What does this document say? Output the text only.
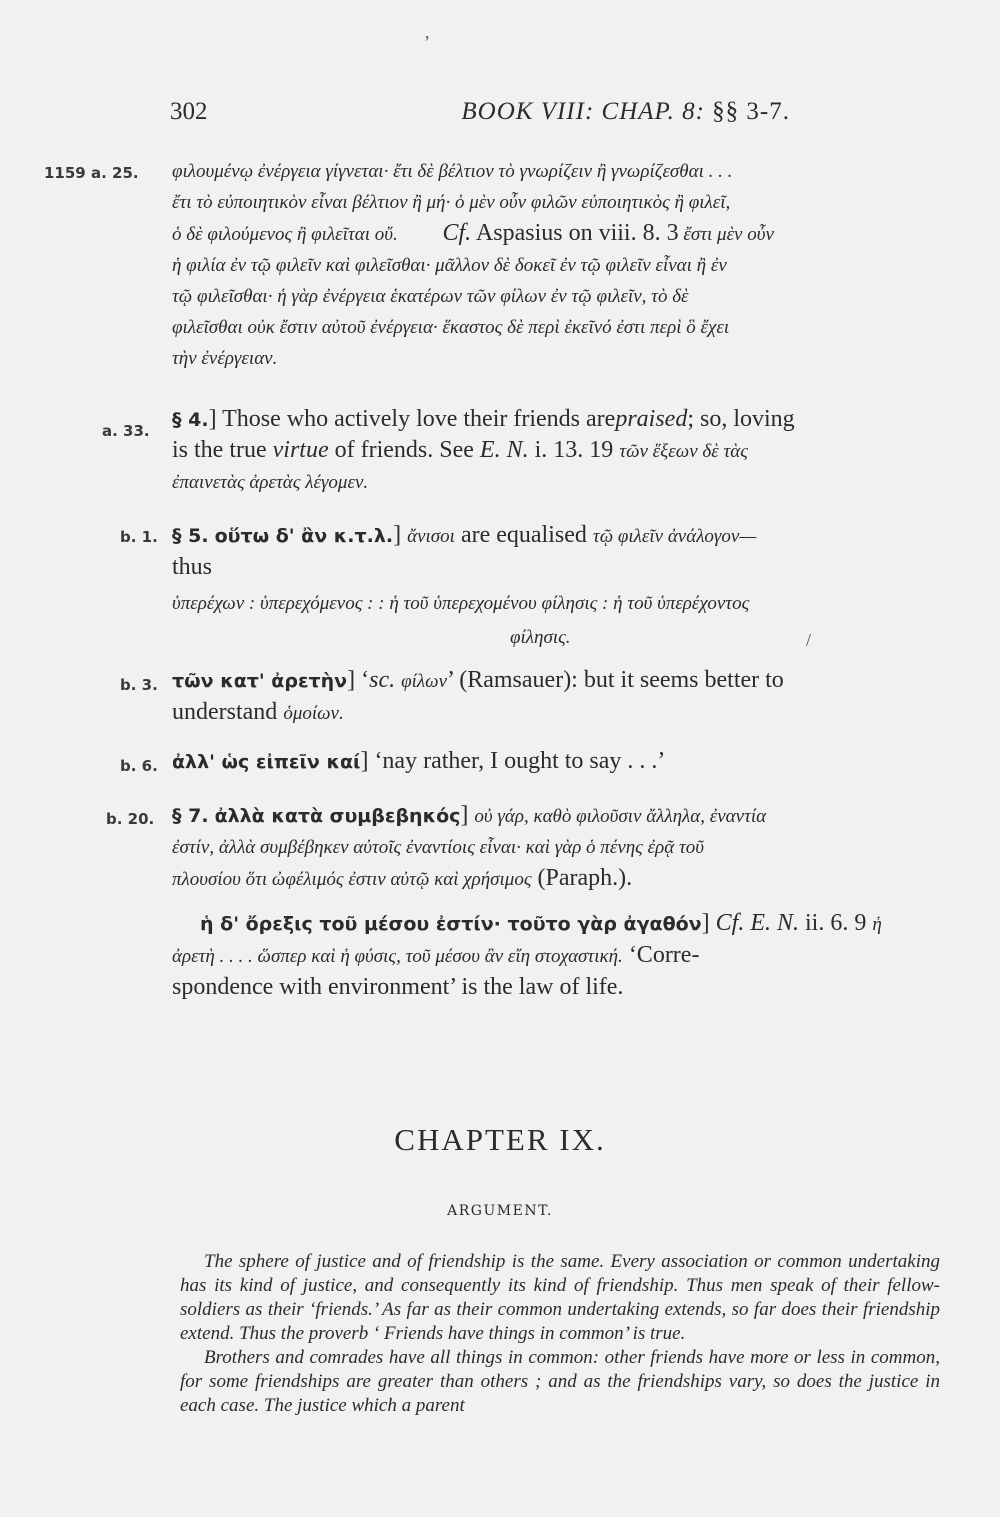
ʼ
302	BOOK VIII: CHAP. 8: §§ 3-7.
1159 a. 25. φιλουμένῳ ἐνέργεια γίγνεται· ἔτι δὲ βέλτιον τὸ γνωρίζειν ἢ γνωρίζεσθαι . . .
ἔτι τὸ εὐποιητικὸν εἶναι βέλτιον ἢ μή· ὁ μὲν οὖν φιλῶν εὐποιητικὸς ἢ φιλεῖ,
ὁ δὲ φιλούμενος ἢ φιλεῖται οὔ. Cf. Aspasius on viii. 8. 3 ἔστι μὲν οὖν
ἡ φιλία ἐν τῷ φιλεῖν καὶ φιλεῖσθαι· μᾶλλον δὲ δοκεῖ ἐν τῷ φιλεῖν εἶναι ἢ ἐν
τῷ φιλεῖσθαι· ἡ γὰρ ἐνέργεια ἑκατέρων τῶν φίλων ἐν τῷ φιλεῖν, τὸ δὲ
φιλεῖσθαι οὐκ ἔστιν αὐτοῦ ἐνέργεια· ἕκαστος δὲ περὶ ἐκεῖνό ἐστι περὶ ὃ ἔχει
τὴν ἐνέργειαν.
a. 33. § 4.] Those who actively love their friends arepraised; so, loving
is the true virtue of friends. See E. N. i. 13. 19 τῶν ἕξεων δὲ τὰς
ἐπαινετὰς ἀρετὰς λέγομεν.
b. 1. § 5. οὕτω δ' ἂν κ.τ.λ.] ἄνισοι are equalised τῷ φιλεῖν ἀνάλογον—
thus
ὑπερέχων : ὑπερεχόμενος : : ἡ τοῦ ὑπερεχομένου φίλησις : ἡ τοῦ ὑπερέχοντος
φίλησις.
b. 3. τῶν κατ' ἀρετὴν] ‘sc. φίλων’ (Ramsauer): but it seems better to
understand ὁμοίων.
b. 6. ἀλλ' ὡς εἰπεῖν καί] ‘nay rather, I ought to say . . .’
b. 20. § 7. ἀλλὰ κατὰ συμβεβηκός] οὐ γάρ, καθὸ φιλοῦσιν ἄλληλα, ἐναντία
ἐστίν, ἀλλὰ συμβέβηκεν αὐτοῖς ἐναντίοις εἶναι· καὶ γὰρ ὁ πένης ἐρᾷ τοῦ
πλουσίου ὅτι ὠφέλιμός ἐστιν αὐτῷ καὶ χρήσιμος (Paraph.).
ἡ δ' ὄρεξις τοῦ μέσου ἐστίν· τοῦτο γὰρ ἀγαθόν] Cf. E. N. ii. 6. 9 ἡ
ἀρετὴ . . . . ὥσπερ καὶ ἡ φύσις, τοῦ μέσου ἂν εἴη στοχαστική. ‘Corre-
spondence with environment’ is the law of life.
/
CHAPTER IX.
ARGUMENT.

The sphere of justice and of friendship is the same. Every association or common undertaking has its kind of justice, and consequently its kind of friendship. Thus men speak of their fellow-soldiers as their ‘friends.’ As far as their common undertaking extends, so far does their friendship extend. Thus the proverb ‘ Friends have things in common’ is true.

Brothers and comrades have all things in common: other friends have more or less in common, for some friendships are greater than others ; and as the friendships vary, so does the justice in each case. The justice which a parent
